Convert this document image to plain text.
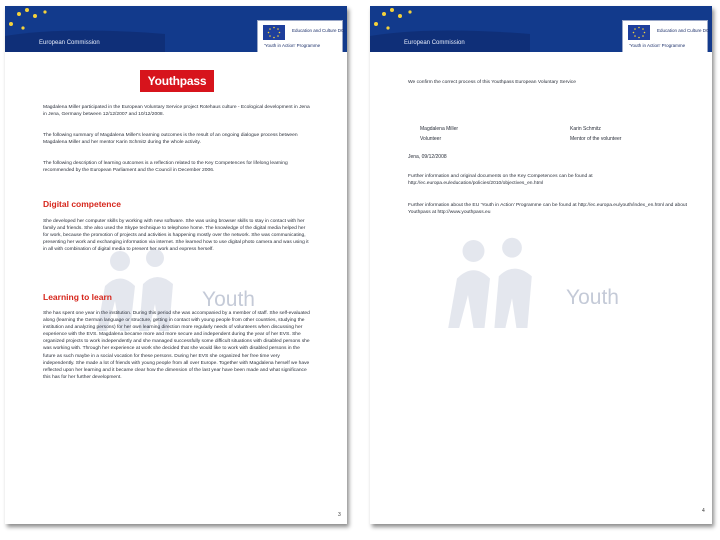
European Commission
Education and Culture DG
'Youth in Action' Programme
Youthpass

Magdalena Miller participated in the European Voluntary Service project Rotehaus culture - Ecological development in Jena in Jena, Germany between 12/12/2007 and 10/12/2008.

The following summary of Magdalena Miller's learning outcomes is the result of an ongoing dialogue process between Magdalena Miller and her mentor Karin Schmitz during the whole activity.

The following description of learning outcomes is a reflection related to the Key Competences for lifelong learning recommended by the European Parliament and the Council in December 2006.

Digital competence

She developed her computer skills by working with new software. She was using browser skills to stay in contact with her family and friends. She also used the Skype technique to telephone home. The knowledge of the digital media helped her for work, because the promotion of projects and activities is happening mostly over the network. She was communicating, presenting her work and exchanging information via internet. She learned how to use digital photo camera and was using it in all with combination of digital media to present her work and express herself.

Youth
Learning to learn

She has spent one year in the institution. During this period she was accompanied by a member of staff. She self-evaluated along (learning the German language or structure, getting in contact with young people from other countries, studying the institution and analyzing persons) for her own learning direction more regularly needs of volunteers when discussing her experience with the EVS. Magdalena became more and more secure and independent during the year of her EVS. She organized projects to work independently and she managed successfully some difficult situations with disabled persons she was working with. Through her experience at work she decided that she would like to work with disabled persons in the future as such maybe in a social vocation for these persons. During her EVS she organized her free time very independently. She made a lot of friends with young people from all over Europe. Together with Magdalena herself we have reflected upon her learning and it became clear how the dimension of the last year have been made and what significance this has for her further development.

3
European Commission
Education and Culture DG
'Youth in Action' Programme

We confirm the correct process of this Youthpass European Voluntary Service

Magdalena Miller
Volunteer
Karin Schmitz
Mentor of the volunteer
Jena, 09/12/2008

Further information and original documents on the Key Competences can be found at http://ec.europa.eu/education/policies/2010/objectives_en.html

Further information about the EU 'Youth in Action' Programme can be found at http://ec.europa.eu/youth/index_en.html and about Youthpass at http://www.youthpass.eu

Youth
4
